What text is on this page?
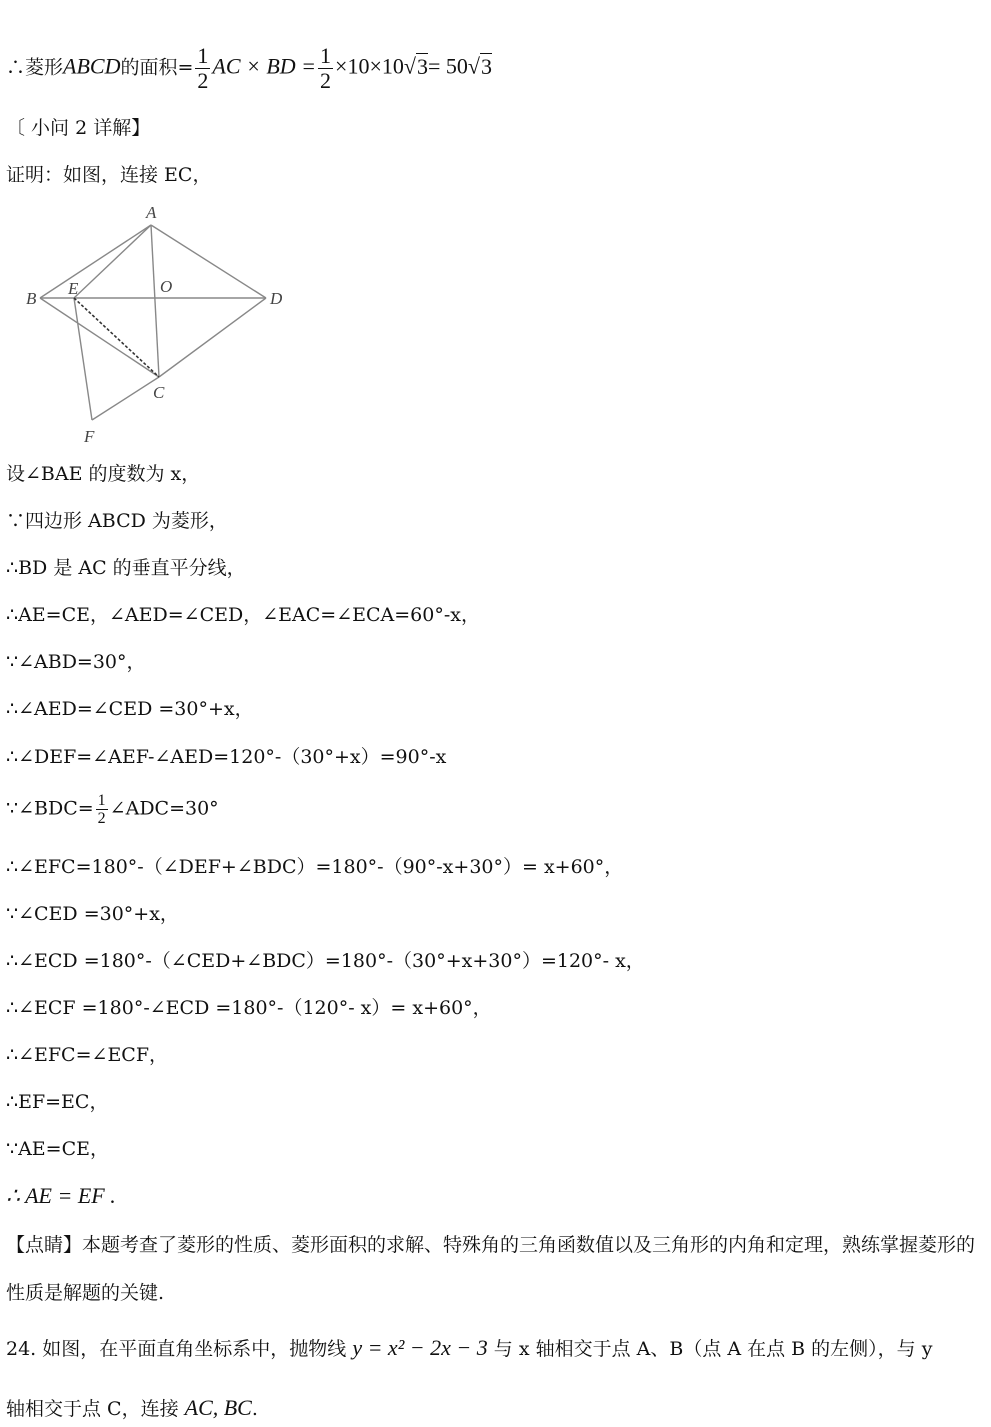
∴菱形ABCD的面积= $\frac{1}{2}$ AC × BD = $\frac{1}{2} \times 10\times 10√3= 50√3$
〔 小问 2 详解】
证明：如图，连接 EC，
A
B
E	O
D
C
F
设∠BAE 的度数为 x，
∵四边形 ABCD 为菱形，
∴BD 是 AC 的垂直平分线，
∴AE=CE，∠AED=∠CED，∠EAC=∠ECA=60°-x，
∵∠ABD=30°，
∴∠AED=∠CED =30°+x，
∴∠DEF=∠AEF-∠AED=120°-（30°+x）=90°-x
∵∠BDC= $\frac{1}{2}$ ∠ADC=30°
∴∠EFC=180°-（∠DEF+∠BDC）=180°-（90°-x+30°）= x+60°，
∵∠CED =30°+x，
∴∠ECD =180°-（∠CED+∠BDC）=180°-（30°+x+30°）=120°- x，
∴∠ECF =180°-∠ECD =180°-（120°- x）= x+60°，
∴∠EFC=∠ECF，
∴EF=EC，
∵AE=CE，
∴ AE = EF .
【点睛】本题考查了菱形的性质、菱形面积的求解、特殊角的三角函数值以及三角形的内角和定理，熟练掌握菱形的性质是解题的关键.
24. 如图，在平面直角坐标系中，抛物线 y = x² − 2x − 3 与 x 轴相交于点 A、B（点 A 在点 B 的左侧），与 y
轴相交于点 C，连接 AC, BC.
